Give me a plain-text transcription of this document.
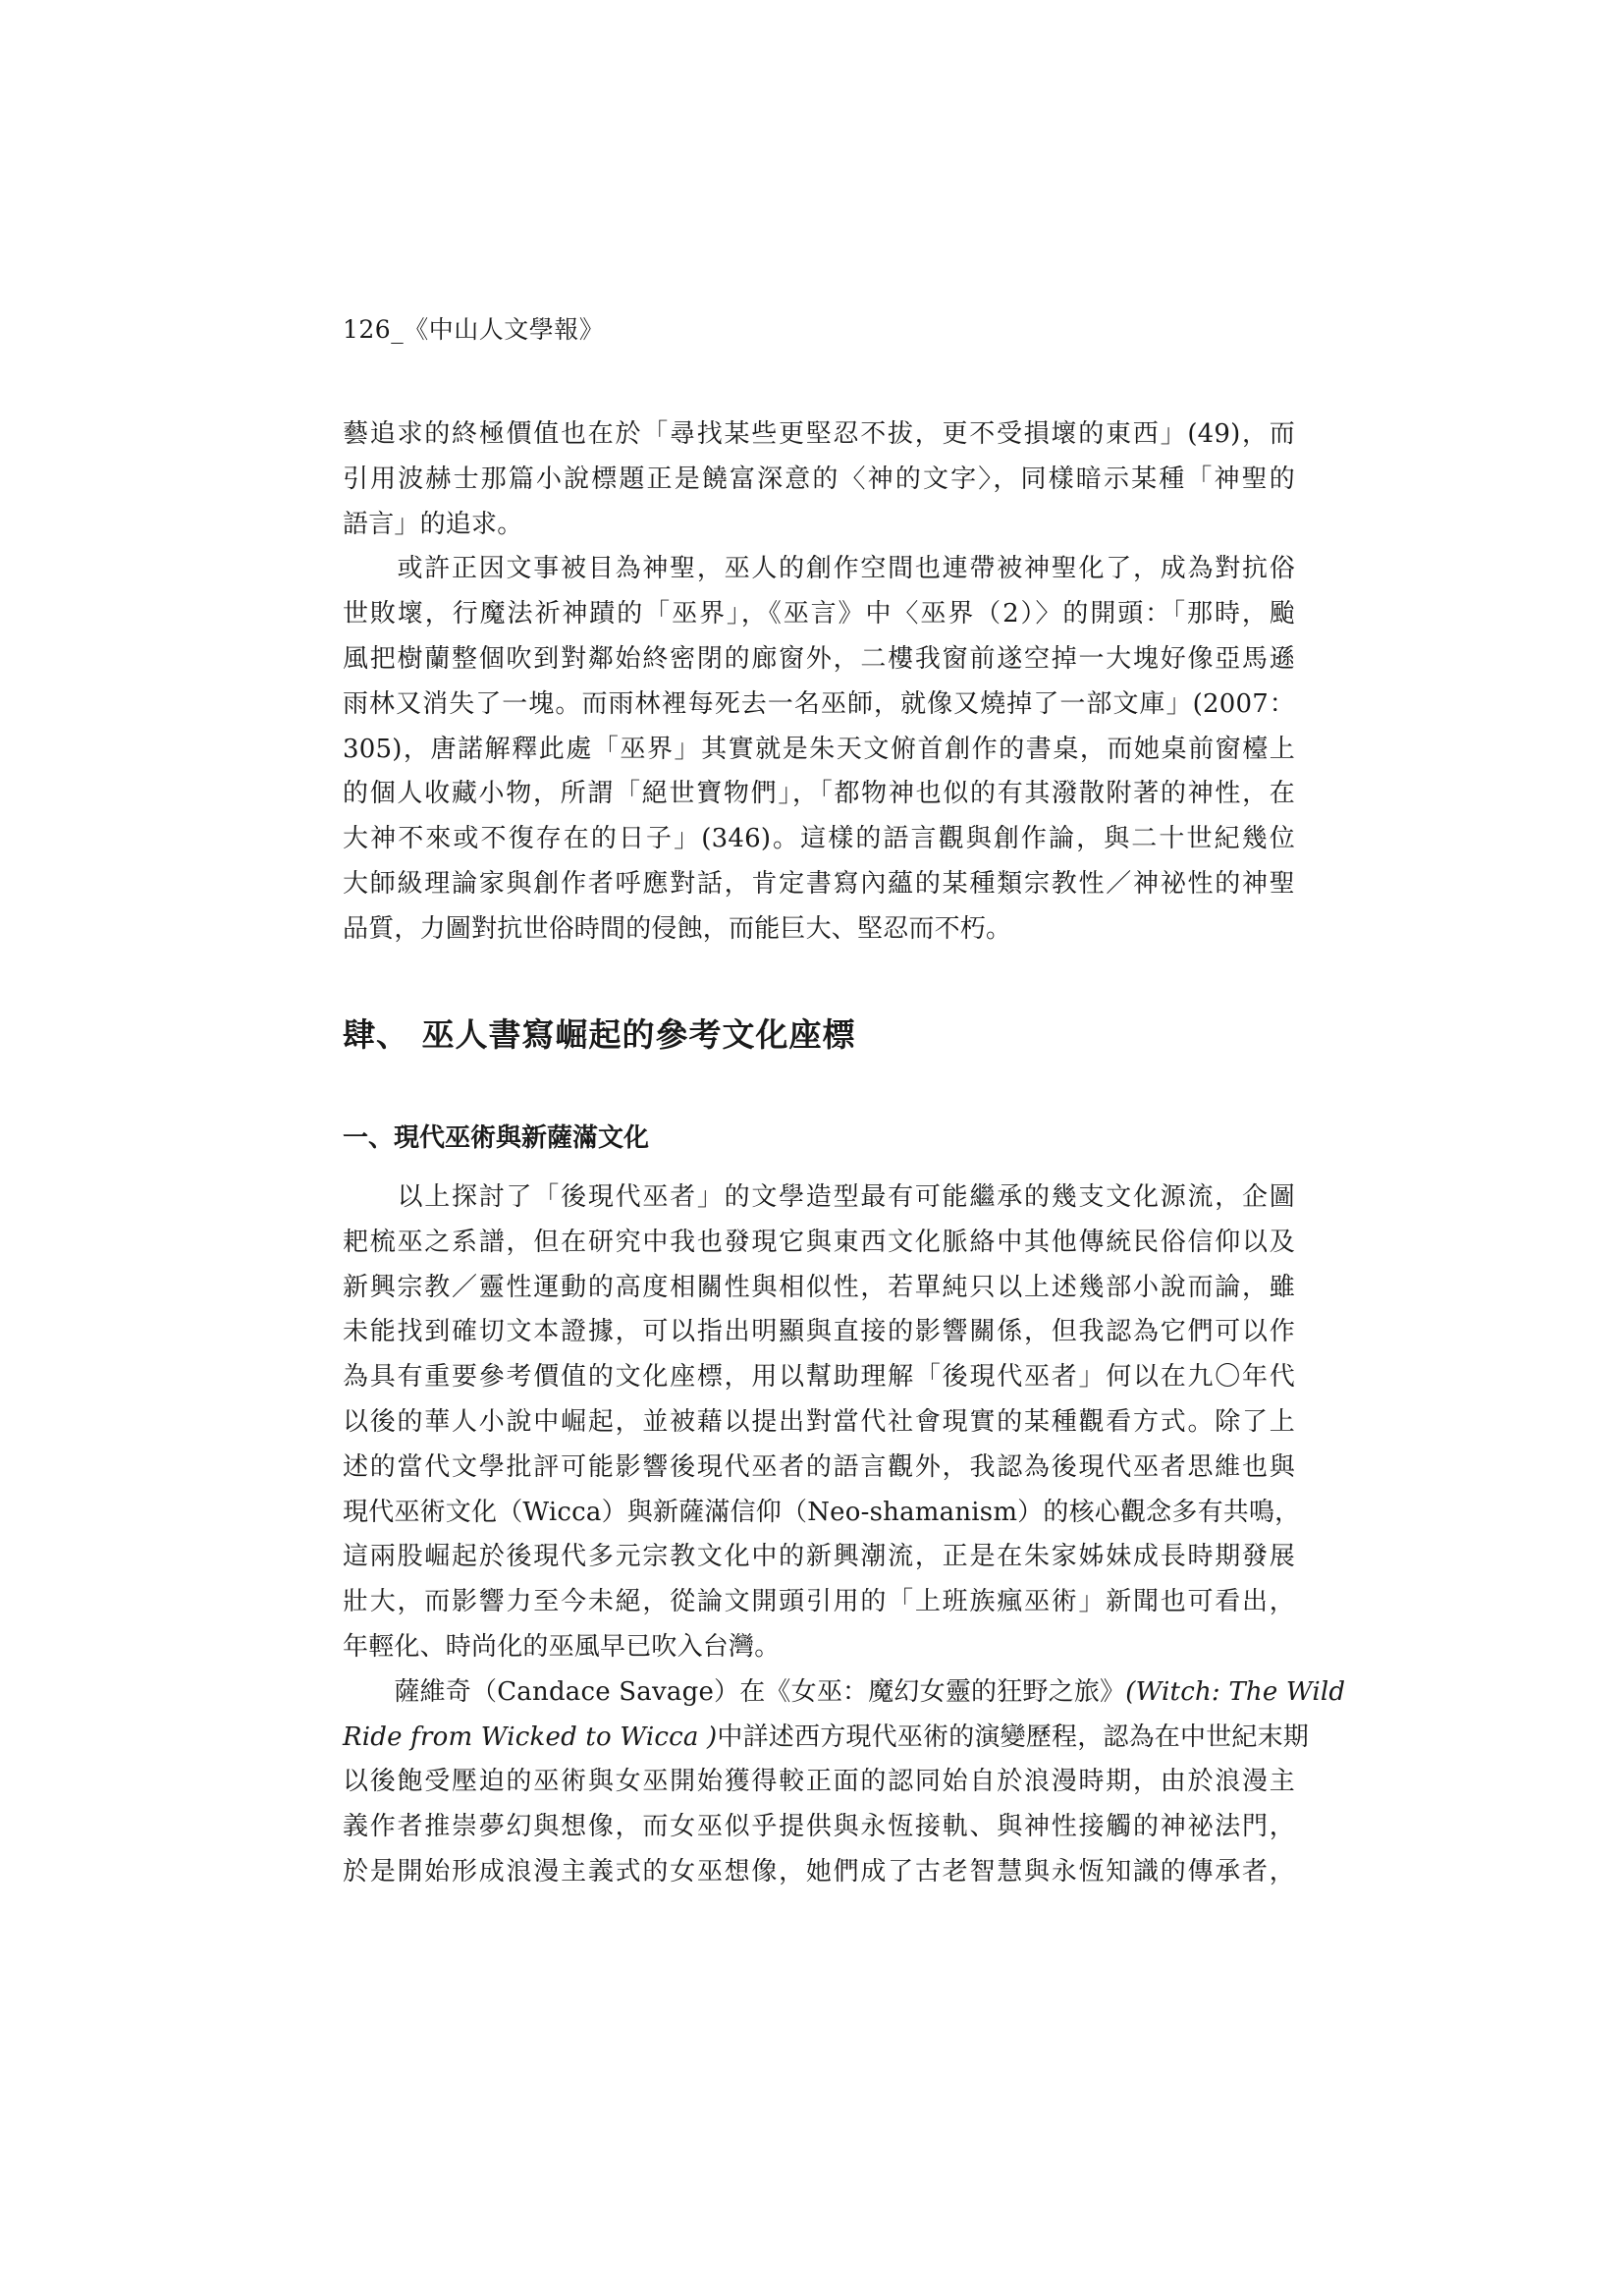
126_《中山人文學報》
藝追求的終極價值也在於「尋找某些更堅忍不拔，更不受損壞的東西」(49)，而
引用波赫士那篇小說標題正是饒富深意的〈神的文字〉，同樣暗示某種「神聖的
語言」的追求。
　　或許正因文事被目為神聖，巫人的創作空間也連帶被神聖化了，成為對抗俗
世敗壞，行魔法祈神蹟的「巫界」，《巫言》中〈巫界（2）〉的開頭：「那時，颱
風把樹蘭整個吹到對鄰始終密閉的廊窗外，二樓我窗前遂空掉一大塊好像亞馬遜
雨林又消失了一塊。而雨林裡每死去一名巫師，就像又燒掉了一部文庫」(2007：
305)，唐諾解釋此處「巫界」其實就是朱天文俯首創作的書桌，而她桌前窗檯上
的個人收藏小物，所謂「絕世寶物們」，「都物神也似的有其潑散附著的神性，在
大神不來或不復存在的日子」(346)。這樣的語言觀與創作論，與二十世紀幾位
大師級理論家與創作者呼應對話，肯定書寫內蘊的某種類宗教性／神祕性的神聖
品質，力圖對抗世俗時間的侵蝕，而能巨大、堅忍而不朽。
肆、 巫人書寫崛起的參考文化座標
一、現代巫術與新薩滿文化
　　以上探討了「後現代巫者」的文學造型最有可能繼承的幾支文化源流，企圖
耙梳巫之系譜，但在研究中我也發現它與東西文化脈絡中其他傳統民俗信仰以及
新興宗教／靈性運動的高度相關性與相似性，若單純只以上述幾部小說而論，雖
未能找到確切文本證據，可以指出明顯與直接的影響關係，但我認為它們可以作
為具有重要參考價值的文化座標，用以幫助理解「後現代巫者」何以在九〇年代
以後的華人小說中崛起，並被藉以提出對當代社會現實的某種觀看方式。除了上
述的當代文學批評可能影響後現代巫者的語言觀外，我認為後現代巫者思維也與
現代巫術文化（Wicca）與新薩滿信仰（Neo-shamanism）的核心觀念多有共鳴，
這兩股崛起於後現代多元宗教文化中的新興潮流，正是在朱家姊妹成長時期發展
壯大，而影響力至今未絕，從論文開頭引用的「上班族瘋巫術」新聞也可看出，
年輕化、時尚化的巫風早已吹入台灣。
　　薩維奇（Candace Savage）在《女巫：魔幻女靈的狂野之旅》(Witch: The Wild
Ride from Wicked to Wicca )中詳述西方現代巫術的演變歷程，認為在中世紀末期
以後飽受壓迫的巫術與女巫開始獲得較正面的認同始自於浪漫時期，由於浪漫主
義作者推崇夢幻與想像，而女巫似乎提供與永恆接軌、與神性接觸的神祕法門，
於是開始形成浪漫主義式的女巫想像，她們成了古老智慧與永恆知識的傳承者，
